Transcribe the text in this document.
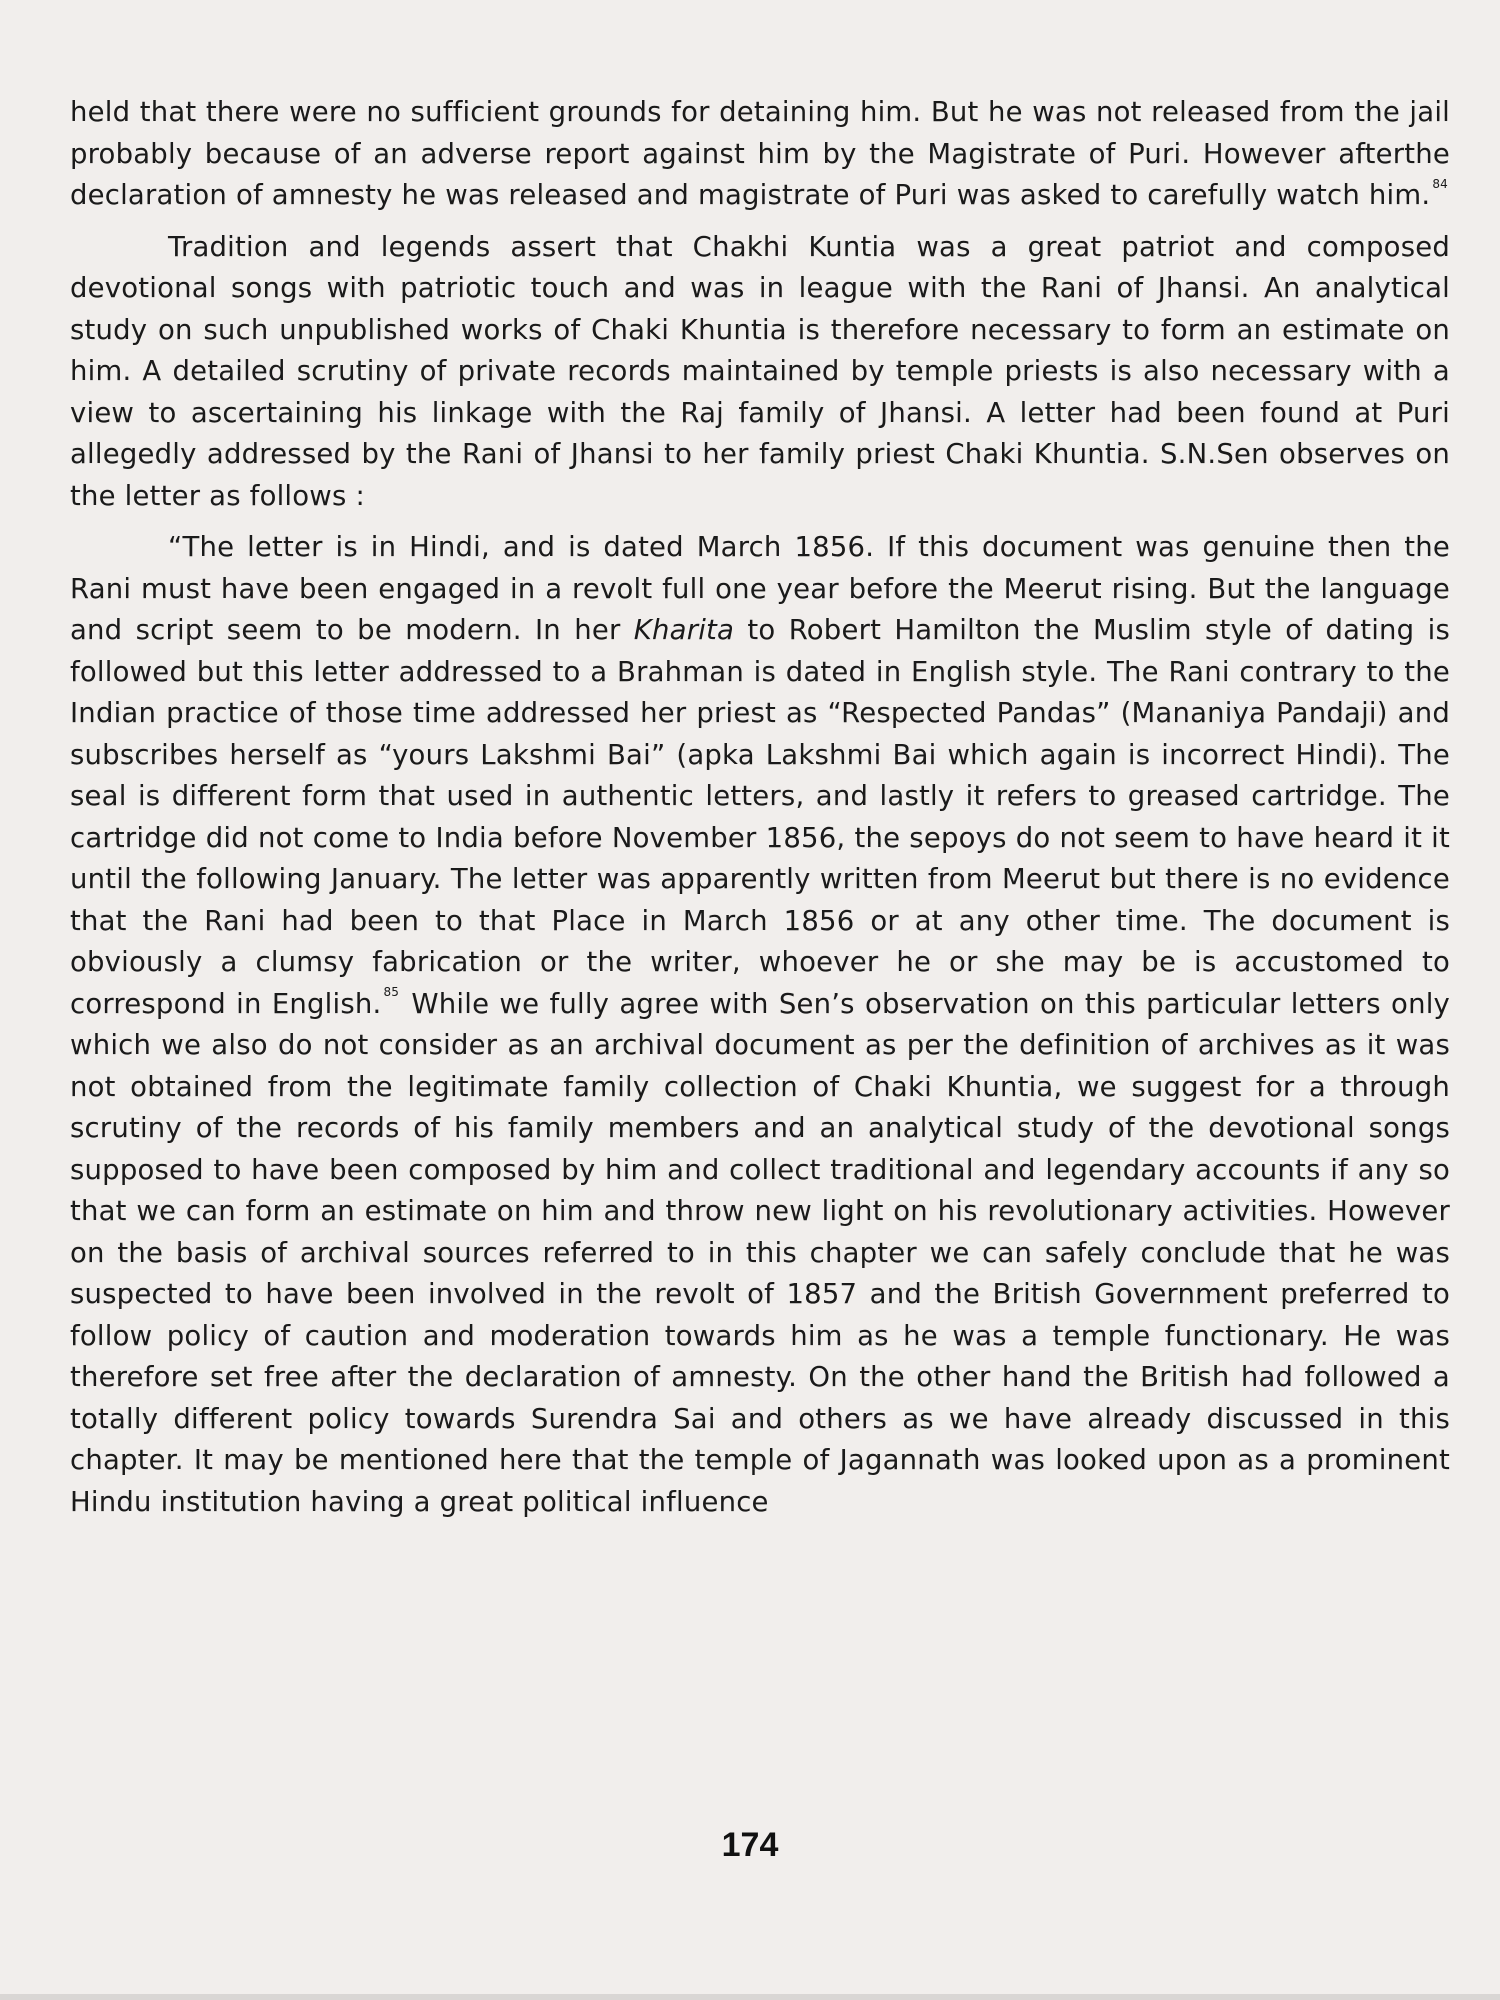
held that there were no sufficient grounds for detaining him. But he was not released from the jail probably because of an adverse report against him by the Magistrate of Puri. However afterthe declaration of amnesty he was released and magistrate of Puri was asked to carefully watch him. $^{84}$

Tradition and legends assert that Chakhi Kuntia was a great patriot and composed devotional songs with patriotic touch and was in league with the Rani of Jhansi. An analytical study on such unpublished works of Chaki Khuntia is therefore necessary to form an estimate on him. A detailed scrutiny of private records maintained by temple priests is also necessary with a view to ascertaining his linkage with the Raj family of Jhansi. A letter had been found at Puri allegedly addressed by the Rani of Jhansi to her family priest Chaki Khuntia. S.N.Sen observes on the letter as follows :

“The letter is in Hindi, and is dated March 1856. If this document was genuine then the Rani must have been engaged in a revolt full one year before the Meerut rising. But the language and script seem to be modern. In her Kharita to Robert Hamilton the Muslim style of dating is followed but this letter addressed to a Brahman is dated in English style. The Rani contrary to the Indian practice of those time addressed her priest as “Respected Pandas” (Mananiya Pandaji) and subscribes herself as “yours Lakshmi Bai” (apka Lakshmi Bai which again is incorrect Hindi). The seal is different form that used in authentic letters, and lastly it refers to greased cartridge. The cartridge did not come to India before November 1856, the sepoys do not seem to have heard it it until the following January. The letter was apparently written from Meerut but there is no evidence that the Rani had been to that Place in March 1856 or at any other time. The document is obviously a clumsy fabrication or the writer, whoever he or she may be is accustomed to correspond in English. $^{85}$ While we fully agree with Sen’s observation on this particular letters only which we also do not consider as an archival document as per the definition of archives as it was not obtained from the legitimate family collection of Chaki Khuntia, we suggest for a through scrutiny of the records of his family members and an analytical study of the devotional songs supposed to have been composed by him and collect traditional and legendary accounts if any so that we can form an estimate on him and throw new light on his revolutionary activities. However on the basis of archival sources referred to in this chapter we can safely conclude that he was suspected to have been involved in the revolt of 1857 and the British Government preferred to follow policy of caution and moderation towards him as he was a temple functionary. He was therefore set free after the declaration of amnesty. On the other hand the British had followed a totally different policy towards Surendra Sai and others as we have already discussed in this chapter. It may be mentioned here that the temple of Jagannath was looked upon as a prominent Hindu institution having a great political influence

174
